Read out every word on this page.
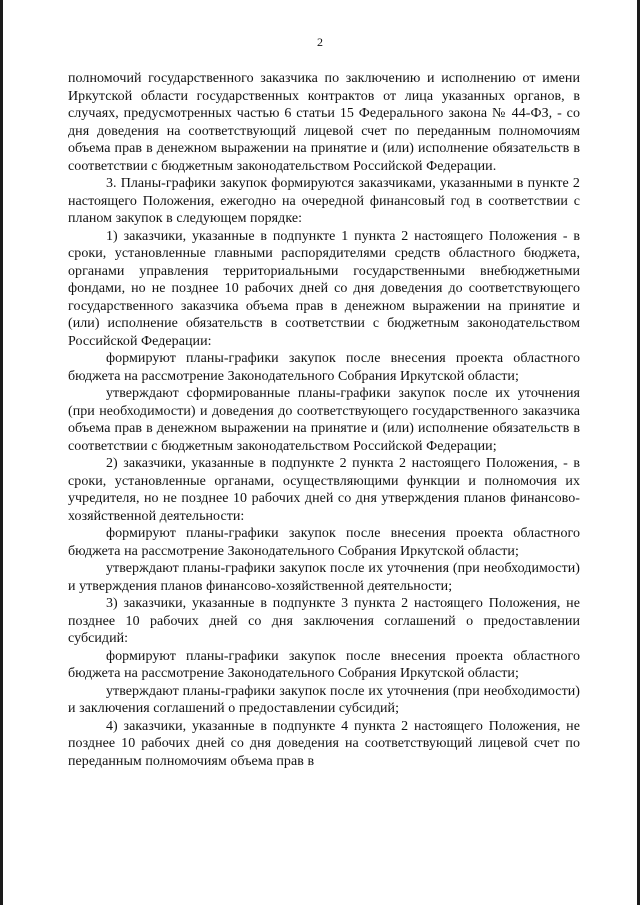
2

полномочий государственного заказчика по заключению и исполнению от имени Иркутской области государственных контрактов от лица указанных органов, в случаях, предусмотренных частью 6 статьи 15 Федерального закона № 44-ФЗ, - со дня доведения на соответствующий лицевой счет по переданным полномочиям объема прав в денежном выражении на принятие и (или) исполнение обязательств в соответствии с бюджетным законодательством Российской Федерации.

3. Планы-графики закупок формируются заказчиками, указанными в пункте 2 настоящего Положения, ежегодно на очередной финансовый год в соответствии с планом закупок в следующем порядке:

1) заказчики, указанные в подпункте 1 пункта 2 настоящего Положения - в сроки, установленные главными распорядителями средств областного бюджета, органами управления территориальными государственными внебюджетными фондами, но не позднее 10 рабочих дней со дня доведения до соответствующего государственного заказчика объема прав в денежном выражении на принятие и (или) исполнение обязательств в соответствии с бюджетным законодательством Российской Федерации:

формируют планы-графики закупок после внесения проекта областного бюджета на рассмотрение Законодательного Собрания Иркутской области;

утверждают сформированные планы-графики закупок после их уточнения (при необходимости) и доведения до соответствующего государственного заказчика объема прав в денежном выражении на принятие и (или) исполнение обязательств в соответствии с бюджетным законодательством Российской Федерации;

2) заказчики, указанные в подпункте 2 пункта 2 настоящего Положения, - в сроки, установленные органами, осуществляющими функции и полномочия их учредителя, но не позднее 10 рабочих дней со дня утверждения планов финансово-хозяйственной деятельности:

формируют планы-графики закупок после внесения проекта областного бюджета на рассмотрение Законодательного Собрания Иркутской области;

утверждают планы-графики закупок после их уточнения (при необходимости) и утверждения планов финансово-хозяйственной деятельности;

3) заказчики, указанные в подпункте 3 пункта 2 настоящего Положения, не позднее 10 рабочих дней со дня заключения соглашений о предоставлении субсидий:

формируют планы-графики закупок после внесения проекта областного бюджета на рассмотрение Законодательного Собрания Иркутской области;

утверждают планы-графики закупок после их уточнения (при необходимости) и заключения соглашений о предоставлении субсидий;

4) заказчики, указанные в подпункте 4 пункта 2 настоящего Положения, не позднее 10 рабочих дней со дня доведения на соответствующий лицевой счет по переданным полномочиям объема прав в
